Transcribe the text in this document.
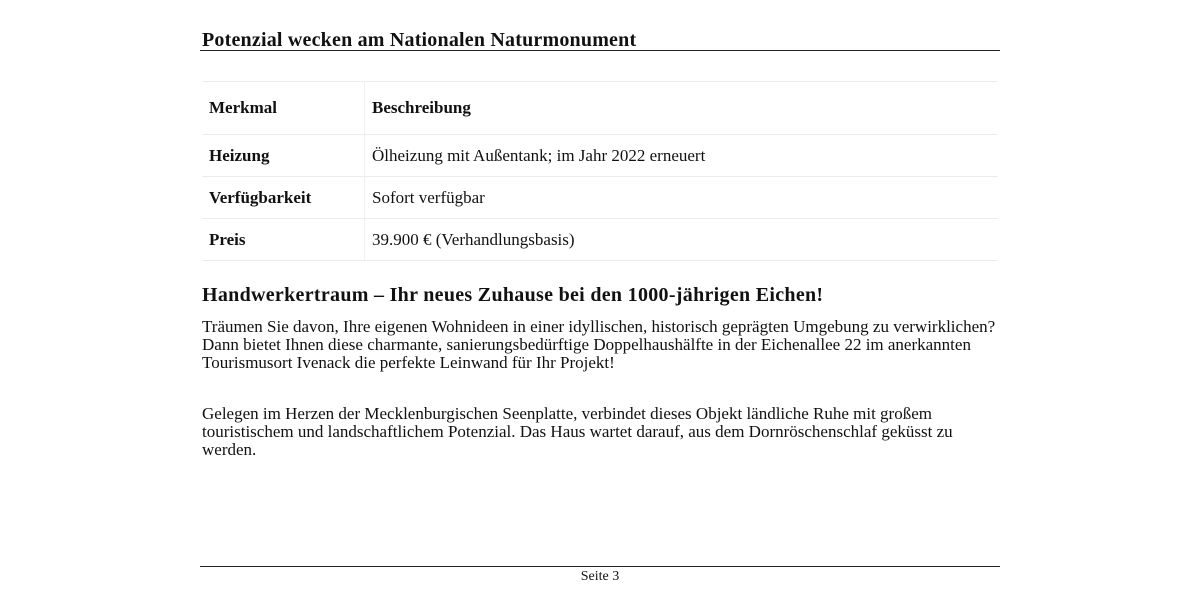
Potenzial wecken am Nationalen Naturmonument
Merkmal	Beschreibung
Heizung	Ölheizung mit Außentank; im Jahr 2022 erneuert
Verfügbarkeit	Sofort verfügbar
Preis	39.900 € (Verhandlungsbasis)
Handwerkertraum – Ihr neues Zuhause bei den 1000-jährigen Eichen!

Träumen Sie davon, Ihre eigenen Wohnideen in einer idyllischen, historisch geprägten Umgebung zu verwirklichen? Dann bietet Ihnen diese charmante, sanierungsbedürftige Doppelhaushälfte in der Eichenallee 22 im anerkannten Tourismusort Ivenack die perfekte Leinwand für Ihr Projekt!

Gelegen im Herzen der Mecklenburgischen Seenplatte, verbindet dieses Objekt ländliche Ruhe mit großem touristischem und landschaftlichem Potenzial. Das Haus wartet darauf, aus dem Dornröschenschlaf geküsst zu werden.

Seite 3
